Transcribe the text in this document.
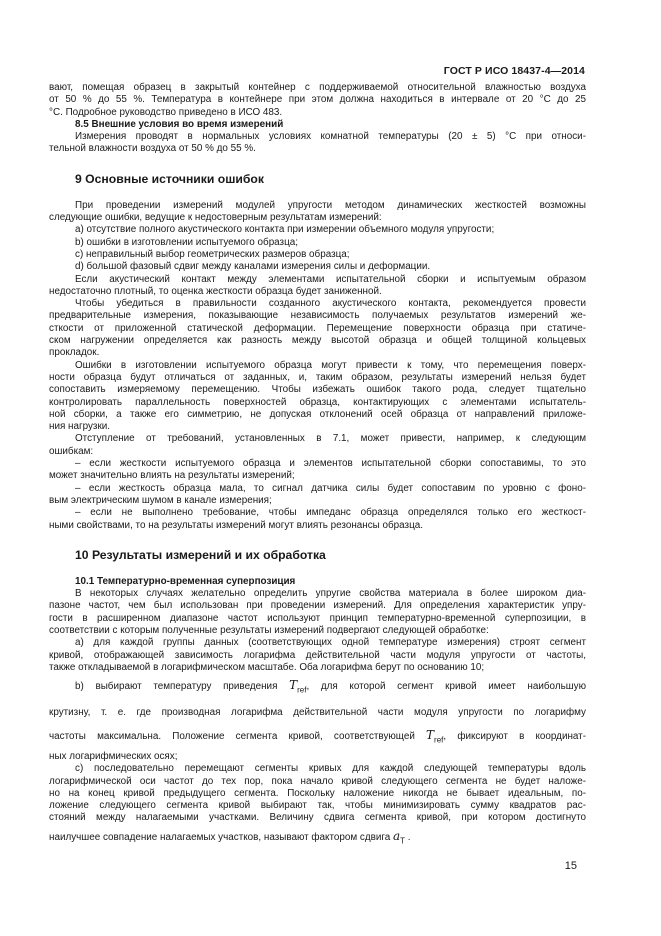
ГОСТ Р ИСО 18437-4—2014

вают, помещая образец в закрытый контейнер с поддерживаемой относительной влажностью воздуха

от 50 % до 55 %. Температура в контейнере при этом должна находиться в интервале от 20 °С до 25

°С. Подробное руководство приведено в ИСО 483.

8.5 Внешние условия во время измерений

Измерения проводят в нормальных условиях комнатной температуры (20 ± 5) °С при относи-

тельной влажности воздуха от 50 % до 55 %.

9 Основные источники ошибок

При проведении измерений модулей упругости методом динамических жесткостей возможны

следующие ошибки, ведущие к недостоверным результатам измерений:

a) отсутствие полного акустического контакта при измерении объемного модуля упругости;

b) ошибки в изготовлении испытуемого образца;

c) неправильный выбор геометрических размеров образца;

d) большой фазовый сдвиг между каналами измерения силы и деформации.

Если акустический контакт между элементами испытательной сборки и испытуемым образом

недостаточно плотный, то оценка жесткости образца будет заниженной.

Чтобы убедиться в правильности созданного акустического контакта, рекомендуется провести

предварительные измерения, показывающие независимость получаемых результатов измерений же-

сткости от приложенной статической деформации. Перемещение поверхности образца при статиче-

ском нагружении определяется как разность между высотой образца и общей толщиной кольцевых

прокладок.

Ошибки в изготовлении испытуемого образца могут привести к тому, что перемещения поверх-

ности образца будут отличаться от заданных, и, таким образом, результаты измерений нельзя будет

сопоставить измеряемому перемещению. Чтобы избежать ошибок такого рода, следует тщательно

контролировать параллельность поверхностей образца, контактирующих с элементами испытатель-

ной сборки, а также его симметрию, не допуская отклонений осей образца от направлений приложе-

ния нагрузки.

Отступление от требований, установленных в 7.1, может привести, например, к следующим

ошибкам:

– если жесткости испытуемого образца и элементов испытательной сборки сопоставимы, то это

может значительно влиять на результаты измерений;

– если жесткость образца мала, то сигнал датчика силы будет сопоставим по уровню с фоно-

вым электрическим шумом в канале измерения;

– если не выполнено требование, чтобы импеданс образца определялся только его жесткост-

ными свойствами, то на результаты измерений могут влиять резонансы образца.

10 Результаты измерений и их обработка

10.1 Температурно-временная суперпозиция

В некоторых случаях желательно определить упругие свойства материала в более широком диа-

пазоне частот, чем был использован при проведении измерений. Для определения характеристик упру-

гости в расширенном диапазоне частот используют принцип температурно-временной суперпозиции, в

соответствии с которым полученные результаты измерений подвергают следующей обработке:

a) для каждой группы данных (соответствующих одной температуре измерения) строят сегмент

кривой, отображающей зависимость логарифма действительной части модуля упругости от частоты,

также откладываемой в логарифмическом масштабе. Оба логарифма берут по основанию 10;

b) выбирают температуру приведения $T_{ref}$, для которой сегмент кривой имеет наибольшую

крутизну, т. е. где производная логарифма действительной части модуля упругости по логарифму

частоты максимальна. Положение сегмента кривой, соответствующей $T_{ref}$, фиксируют в координат-

ных логарифмических осях;

c) последовательно перемещают сегменты кривых для каждой следующей температуры вдоль

логарифмической оси частот до тех пор, пока начало кривой следующего сегмента не будет наложе-

но на конец кривой предыдущего сегмента. Поскольку наложение никогда не бывает идеальным, по-

ложение следующего сегмента кривой выбирают так, чтобы минимизировать сумму квадратов рас-

стояний между налагаемыми участками. Величину сдвига сегмента кривой, при котором достигнуто

наилучшее совпадение налагаемых участков, называют фактором сдвига $a_T$ .

15
